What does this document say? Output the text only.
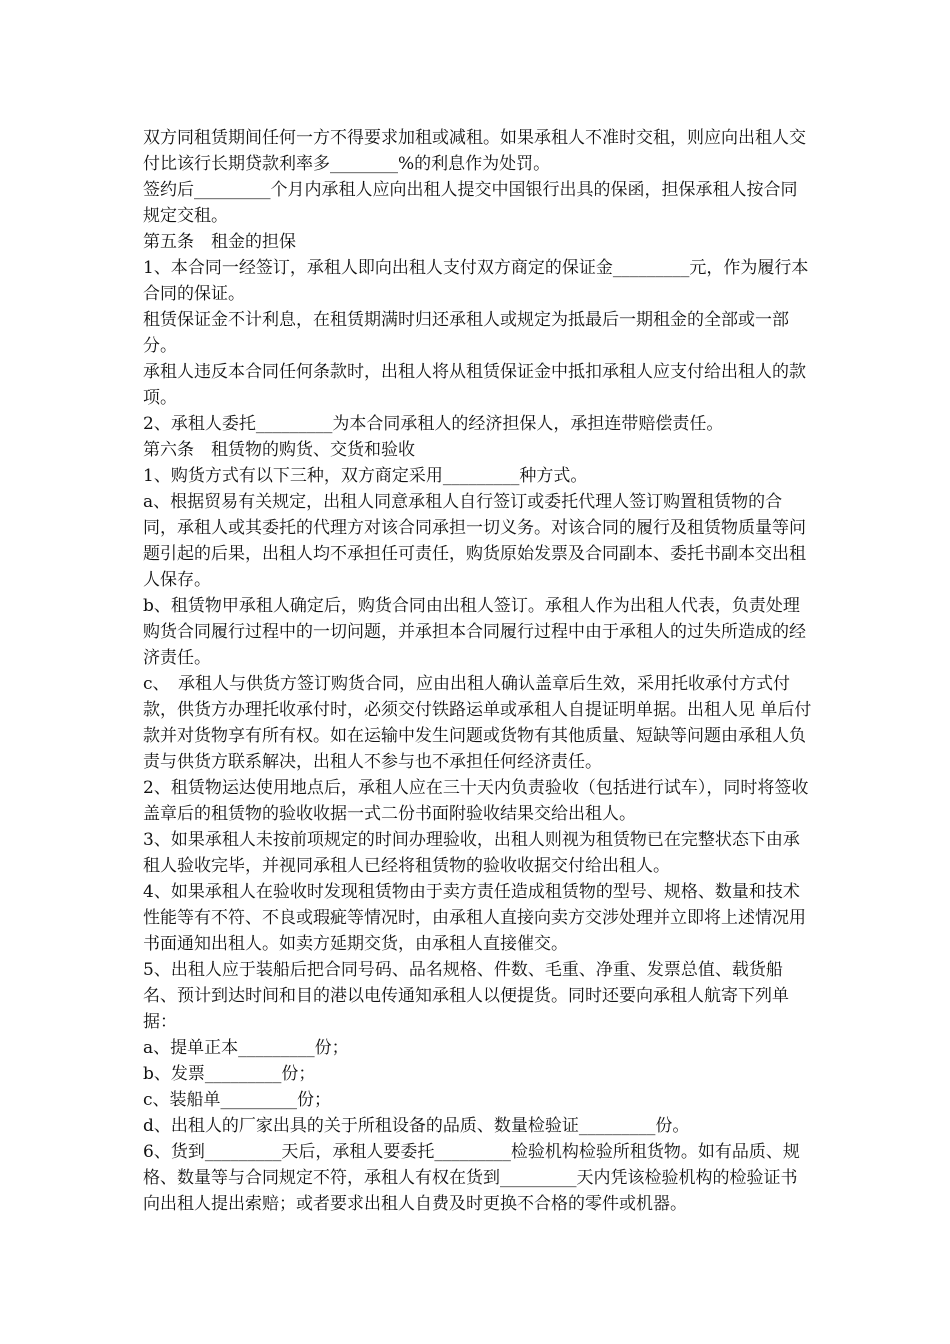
双方同租赁期间任何一方不得要求加租或减租。如果承租人不准时交租，则应向出租人交付比该行长期贷款利率多________%的利息作为处罚。

签约后_________个月内承租人应向出租人提交中国银行出具的保函，担保承租人按合同规定交租。

第五条　租金的担保

1、本合同一经签订，承租人即向出租人支付双方商定的保证金_________元，作为履行本合同的保证。

租赁保证金不计利息，在租赁期满时归还承租人或规定为抵最后一期租金的全部或一部分。

承租人违反本合同任何条款时，出租人将从租赁保证金中抵扣承租人应支付给出租人的款项。

2、承租人委托_________为本合同承租人的经济担保人，承担连带赔偿责任。

第六条　租赁物的购货、交货和验收

1、购货方式有以下三种，双方商定采用_________种方式。

a、根据贸易有关规定，出租人同意承租人自行签订或委托代理人签订购置租赁物的合同，承租人或其委托的代理方对该合同承担一切义务。对该合同的履行及租赁物质量等问题引起的后果，出租人均不承担任可责任，购货原始发票及合同副本、委托书副本交出租人保存。

b、租赁物甲承租人确定后，购货合同由出租人签订。承租人作为出租人代表，负责处理购货合同履行过程中的一切问题，并承担本合同履行过程中由于承租人的过失所造成的经济责任。

c、　承租人与供货方签订购货合同，应由出租人确认盖章后生效，采用托收承付方式付款，供货方办理托收承付时，必须交付铁路运单或承租人自提证明单据。出租人见 单后付款并对货物享有所有权。如在运输中发生问题或货物有其他质量、短缺等问题由承租人负责与供货方联系解决，出租人不参与也不承担任何经济责任。

2、租赁物运达使用地点后，承租人应在三十天内负责验收（包括进行试车），同时将签收盖章后的租赁物的验收收据一式二份书面附验收结果交给出租人。

3、如果承租人未按前项规定的时间办理验收，出租人则视为租赁物已在完整状态下由承租人验收完毕，并视同承租人已经将租赁物的验收收据交付给出租人。

4、如果承租人在验收时发现租赁物由于卖方责任造成租赁物的型号、规格、数量和技术性能等有不符、不良或瑕疵等情况时，由承租人直接向卖方交涉处理并立即将上述情况用书面通知出租人。如卖方延期交货，由承租人直接催交。

5、出租人应于装船后把合同号码、品名规格、件数、毛重、净重、发票总值、载货船名、预计到达时间和目的港以电传通知承租人以便提货。同时还要向承租人航寄下列单据：

a、提单正本_________份；

b、发票_________份；

c、装船单_________份；

d、出租人的厂家出具的关于所租设备的品质、数量检验证_________份。

6、货到_________天后，承租人要委托_________检验机构检验所租货物。如有品质、规格、数量等与合同规定不符，承租人有权在货到_________天内凭该检验机构的检验证书向出租人提出索赔；或者要求出租人自费及时更换不合格的零件或机器。
